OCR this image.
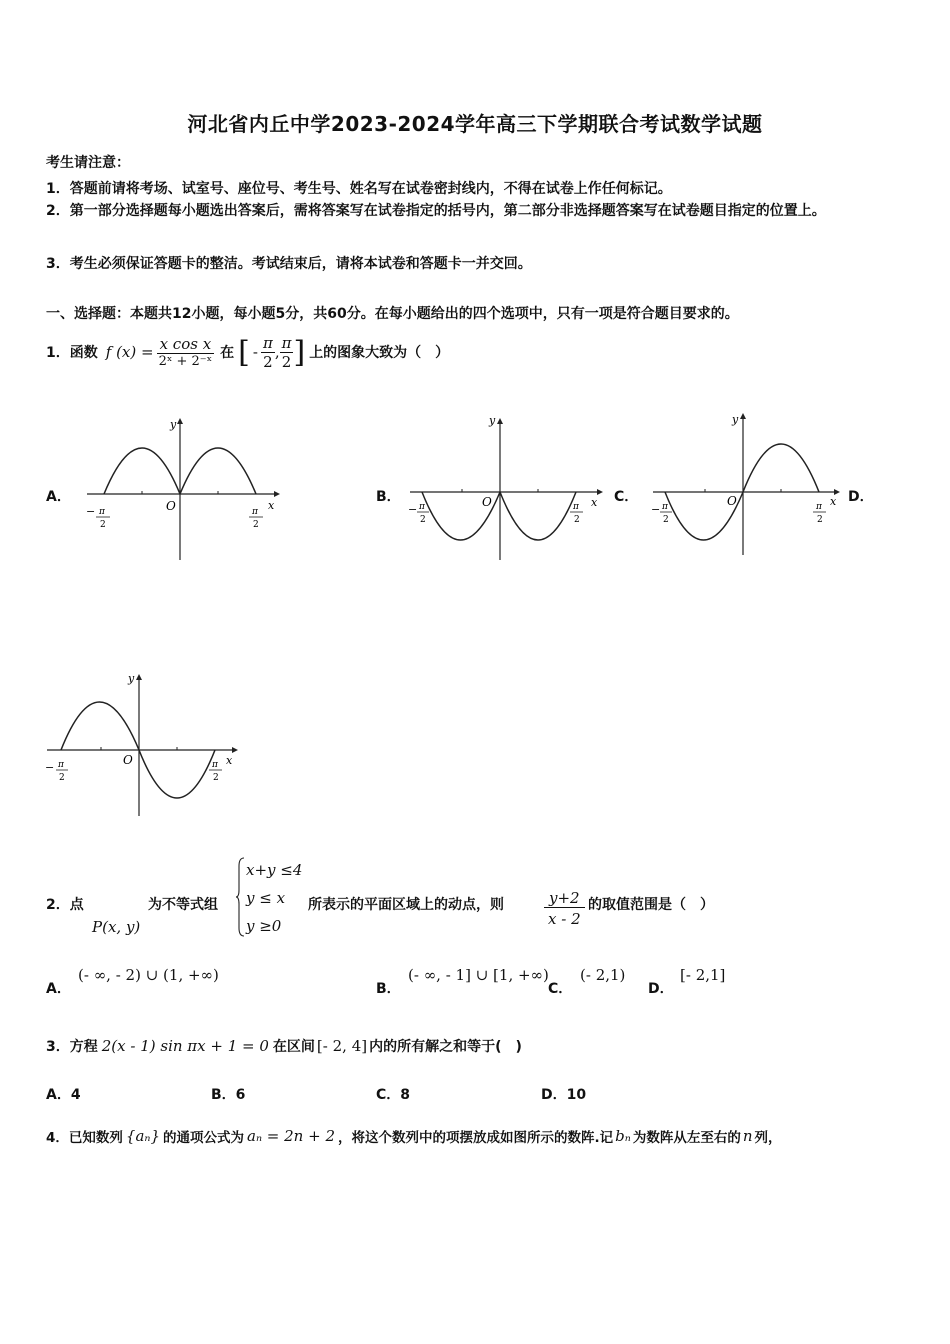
河北省内丘中学2023-2024学年高三下学期联合考试数学试题
考生请注意：
1．答题前请将考场、试室号、座位号、考生号、姓名写在试卷密封线内，不得在试卷上作任何标记。
2．第一部分选择题每小题选出答案后，需将答案写在试卷指定的括号内，第二部分非选择题答案写在试卷题目指定的位置上。
3．考生必须保证答题卡的整洁。考试结束后，请将本试卷和答题卡一并交回。
一、选择题：本题共12小题，每小题5分，共60分。在每小题给出的四个选项中，只有一项是符合题目要求的。
1．函数 f $(x) = \frac{\text{x cos x}}{\text{2ˣ + 2⁻ˣ}}$ 在 [ - $\frac{\pi}{2}$ , $\frac{\pi}{2}$ ] 上的图象大致为（　）
A．	B．	C．	D．
y
x
O
− π
2
π
2
y
x
O
− π
2
π
2
y
x
O
− π
2
π
2
y
x
O
− π
2
π
2
2．点
P(x, y)
为不等式组
x+y ≤4
y ≤ x
y ≥0
所表示的平面区域上的动点，则	$\frac{y+2}{x - 2}$ 的取值范围是（　）
A．
(- ∞, - 2) ∪ (1, +∞)
B．
(- ∞, - 1] ∪ [1, +∞)
C．
(- 2,1)
D．
[- 2,1]
3．方程 2(x - 1) sin πx + 1 = 0 在区间 [- 2, 4] 内的所有解之和等于(　)
A．4	B．6	C．8	D．10
4．已知数列 {aₙ} 的通项公式为 aₙ = 2n + 2 ，将这个数列中的项摆放成如图所示的数阵.记 bₙ 为数阵从左至右的 n 列，
